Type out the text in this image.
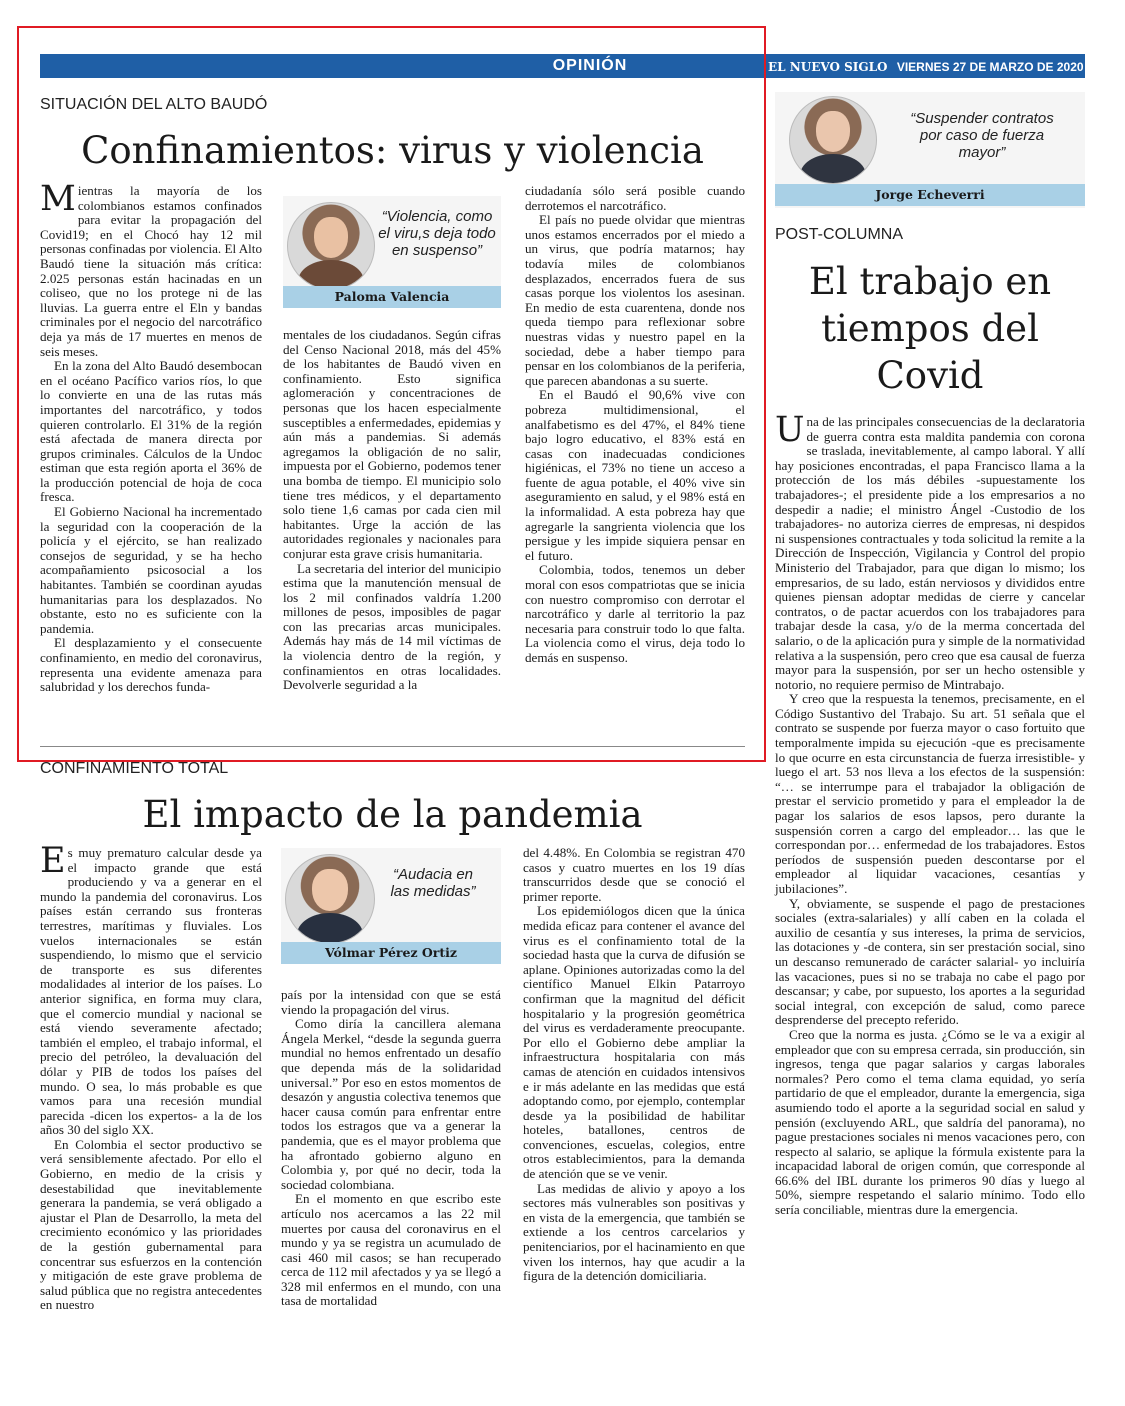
OPINIÓN	EL NUEVO SIGLO VIERNES 27 DE MARZO DE 2020 9A
SITUACIÓN DEL ALTO BAUDÓ
Confinamientos: virus y violencia

Mientras la mayoría de los colombianos estamos confinados para evitar la propagación del Covid19; en el Chocó hay 12 mil personas confinadas por violencia. El Alto Baudó tiene la situación más crítica: 2.025 personas están hacinadas en un coliseo, que no los protege ni de las lluvias. La guerra entre el Eln y bandas criminales por el negocio del narcotráfico deja ya más de 17 muertes en menos de seis meses.

En la zona del Alto Baudó desembocan en el océano Pacífico varios ríos, lo que lo convierte en una de las rutas más importantes del narcotráfico, y todos quieren controlarlo. El 31% de la región está afectada de manera directa por grupos criminales. Cálculos de la Undoc estiman que esta región aporta el 36% de la producción potencial de hoja de coca fresca.

El Gobierno Nacional ha incrementado la seguridad con la cooperación de la policía y el ejército, se han realizado consejos de seguridad, y se ha hecho acompañamiento psicosocial a los habitantes. También se coordinan ayudas humanitarias para los desplazados. No obstante, esto no es suficiente con la pandemia.

El desplazamiento y el consecuente confinamiento, en medio del coronavirus, representa una evidente amenaza para salubridad y los derechos funda-

“Violencia, como el viru,s deja todo en suspenso”
Paloma Valencia

mentales de los ciudadanos. Según cifras del Censo Nacional 2018, más del 45% de los habitantes de Baudó viven en confinamiento. Esto significa aglomeración y concentraciones de personas que los hacen especialmente susceptibles a enfermedades, epidemias y aún más a pandemias. Si además agregamos la obligación de no salir, impuesta por el Gobierno, podemos tener una bomba de tiempo. El municipio solo tiene tres médicos, y el departamento solo tiene 1,6 camas por cada cien mil habitantes. Urge la acción de las autoridades regionales y nacionales para conjurar esta grave crisis humanitaria.

La secretaria del interior del municipio estima que la manutención mensual de los 2 mil confinados valdría 1.200 millones de pesos, imposibles de pagar con las precarias arcas municipales. Además hay más de 14 mil víctimas de la violencia dentro de la región, y confinamientos en otras localidades. Devolverle seguridad a la

ciudadanía sólo será posible cuando derrotemos el narcotráfico.

El país no puede olvidar que mientras unos estamos encerrados por el miedo a un virus, que podría matarnos; hay todavía miles de colombianos desplazados, encerrados fuera de sus casas porque los violentos los asesinan. En medio de esta cuarentena, donde nos queda tiempo para reflexionar sobre nuestras vidas y nuestro papel en la sociedad, debe a haber tiempo para pensar en los colombianos de la periferia, que parecen abandonas a su suerte.

En el Baudó el 90,6% vive con pobreza multidimensional, el analfabetismo es del 47%, el 84% tiene bajo logro educativo, el 83% está en casas con inadecuadas condiciones higiénicas, el 73% no tiene un acceso a fuente de agua potable, el 40% vive sin aseguramiento en salud, y el 98% está en la informalidad. A esta pobreza hay que agregarle la sangrienta violencia que los persigue y les impide siquiera pensar en el futuro.

Colombia, todos, tenemos un deber moral con esos compatriotas que se inicia con nuestro compromiso con derrotar el narcotráfico y darle al territorio la paz necesaria para construir todo lo que falta. La violencia como el virus, deja todo lo demás en suspenso.

“Suspender contratos por caso de fuerza mayor”
Jorge Echeverri
POST-COLUMNA
El trabajo en tiempos del Covid

Una de las principales consecuencias de la declaratoria de guerra contra esta maldita pandemia con corona se traslada, inevitablemente, al campo laboral. Y allí hay posiciones encontradas, el papa Francisco llama a la protección de los más débiles -supuestamente los trabajadores-; el presidente pide a los empresarios a no despedir a nadie; el ministro Ángel -Custodio de los trabajadores- no autoriza cierres de empresas, ni despidos ni suspensiones contractuales y toda solicitud la remite a la Dirección de Inspección, Vigilancia y Control del propio Ministerio del Trabajador, para que digan lo mismo; los empresarios, de su lado, están nerviosos y divididos entre quienes piensan adoptar medidas de cierre y cancelar contratos, o de pactar acuerdos con los trabajadores para trabajar desde la casa, y/o de la merma concertada del salario, o de la aplicación pura y simple de la normatividad relativa a la suspensión, pero creo que esa causal de fuerza mayor para la suspensión, por ser un hecho ostensible y notorio, no requiere permiso de Mintrabajo.

Y creo que la respuesta la tenemos, precisamente, en el Código Sustantivo del Trabajo. Su art. 51 señala que el contrato se suspende por fuerza mayor o caso fortuito que temporalmente impida su ejecución -que es precisamente lo que ocurre en esta circunstancia de fuerza irresistible- y luego el art. 53 nos lleva a los efectos de la suspensión: “… se interrumpe para el trabajador la obligación de prestar el servicio prometido y para el empleador la de pagar los salarios de esos lapsos, pero durante la suspensión corren a cargo del empleador… las que le correspondan por… enfermedad de los trabajadores. Estos períodos de suspensión pueden descontarse por el empleador al liquidar vacaciones, cesantías y jubilaciones”.

Y, obviamente, se suspende el pago de prestaciones sociales (extra-salariales) y allí caben en la colada el auxilio de cesantía y sus intereses, la prima de servicios, las dotaciones y -de contera, sin ser prestación social, sino un descanso remunerado de carácter salarial- yo incluiría las vacaciones, pues si no se trabaja no cabe el pago por descansar; y cabe, por supuesto, los aportes a la seguridad social integral, con excepción de salud, como parece desprenderse del precepto referido.

Creo que la norma es justa. ¿Cómo se le va a exigir al empleador que con su empresa cerrada, sin producción, sin ingresos, tenga que pagar salarios y cargas laborales normales? Pero como el tema clama equidad, yo sería partidario de que el empleador, durante la emergencia, siga asumiendo todo el aporte a la seguridad social en salud y pensión (excluyendo ARL, que saldría del panorama), no pague prestaciones sociales ni menos vacaciones pero, con respecto al salario, se aplique la fórmula existente para la incapacidad laboral de origen común, que corresponde al 66.6% del IBL durante los primeros 90 días y luego al 50%, siempre respetando el salario mínimo. Todo ello sería conciliable, mientras dure la emergencia.

CONFINAMIENTO TOTAL
El impacto de la pandemia

Es muy prematuro calcular desde ya el impacto grande que está produciendo y va a generar en el mundo la pandemia del coronavirus. Los países están cerrando sus fronteras terrestres, marítimas y fluviales. Los vuelos internacionales se están suspendiendo, lo mismo que el servicio de transporte es sus diferentes modalidades al interior de los países. Lo anterior significa, en forma muy clara, que el comercio mundial y nacional se está viendo severamente afectado; también el empleo, el trabajo informal, el precio del petróleo, la devaluación del dólar y PIB de todos los países del mundo. O sea, lo más probable es que vamos para una recesión mundial parecida -dicen los expertos- a la de los años 30 del siglo XX.

En Colombia el sector productivo se verá sensiblemente afectado. Por ello el Gobierno, en medio de la crisis y desestabilidad que inevitablemente generara la pandemia, se verá obligado a ajustar el Plan de Desarrollo, la meta del crecimiento económico y las prioridades de la gestión gubernamental para concentrar sus esfuerzos en la contención y mitigación de este grave problema de salud pública que no registra antecedentes en nuestro

“Audacia en las medidas”
Vólmar Pérez Ortiz

país por la intensidad con que se está viendo la propagación del virus.

Como diría la cancillera alemana Ángela Merkel, “desde la segunda guerra mundial no hemos enfrentado un desafío que dependa más de la solidaridad universal.” Por eso en estos momentos de desazón y angustia colectiva tenemos que hacer causa común para enfrentar entre todos los estragos que va a generar la pandemia, que es el mayor problema que ha afrontado gobierno alguno en Colombia y, por qué no decir, toda la sociedad colombiana.

En el momento en que escribo este artículo nos acercamos a las 22 mil muertes por causa del coronavirus en el mundo y ya se registra un acumulado de casi 460 mil casos; se han recuperado cerca de 112 mil afectados y ya se llegó a 328 mil enfermos en el mundo, con una tasa de mortalidad

del 4.48%. En Colombia se registran 470 casos y cuatro muertes en los 19 días transcurridos desde que se conoció el primer reporte.

Los epidemiólogos dicen que la única medida eficaz para contener el avance del virus es el confinamiento total de la sociedad hasta que la curva de difusión se aplane. Opiniones autorizadas como la del científico Manuel Elkin Patarroyo confirman que la magnitud del déficit hospitalario y la progresión geométrica del virus es verdaderamente preocupante. Por ello el Gobierno debe ampliar la infraestructura hospitalaria con más camas de atención en cuidados intensivos e ir más adelante en las medidas que está adoptando como, por ejemplo, contemplar desde ya la posibilidad de habilitar hoteles, batallones, centros de convenciones, escuelas, colegios, entre otros establecimientos, para la demanda de atención que se ve venir.

Las medidas de alivio y apoyo a los sectores más vulnerables son positivas y en vista de la emergencia, que también se extiende a los centros carcelarios y penitenciarios, por el hacinamiento en que viven los internos, hay que acudir a la figura de la detención domiciliaria.
